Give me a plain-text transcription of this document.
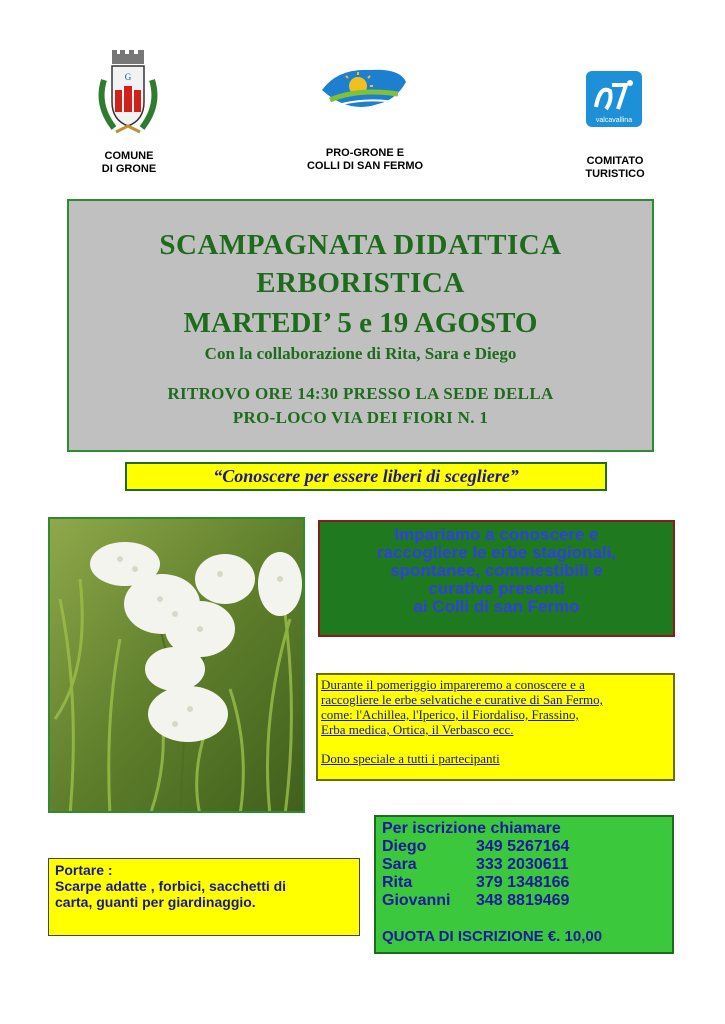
G
COMUNE
DI GRONE
PRO-GRONE E
COLLI DI SAN FERMO
valcavallina
COMITATO
TURISTICO
SCAMPAGNATA DIDATTICA
ERBORISTICA
MARTEDI’ 5 e 19 AGOSTO
Con la collaborazione di Rita, Sara e Diego
RITROVO ORE 14:30 PRESSO LA SEDE DELLA
PRO-LOCO VIA DEI FIORI N. 1
“Conoscere per essere liberi di scegliere”
Impariamo a conoscere e
raccogliere le erbe stagionali,
spontanee, commestibili e
curative presenti
ai Colli di san Fermo
Durante il pomeriggio impareremo a conoscere e a
raccogliere le erbe selvatiche e curative di San Fermo,
come: l'Achillea, l'Iperico, il Fiordaliso, Frassino,
Erba medica, Ortica, il Verbasco ecc.
Dono speciale a tutti i partecipanti
Per iscrizione chiamare
Diego	349 5267164
Sara	333 2030611
Rita	379 1348166
Giovanni 348 8819469
QUOTA DI ISCRIZIONE €. 10,00
Portare :
Scarpe adatte , forbici, sacchetti di
carta, guanti per giardinaggio.
